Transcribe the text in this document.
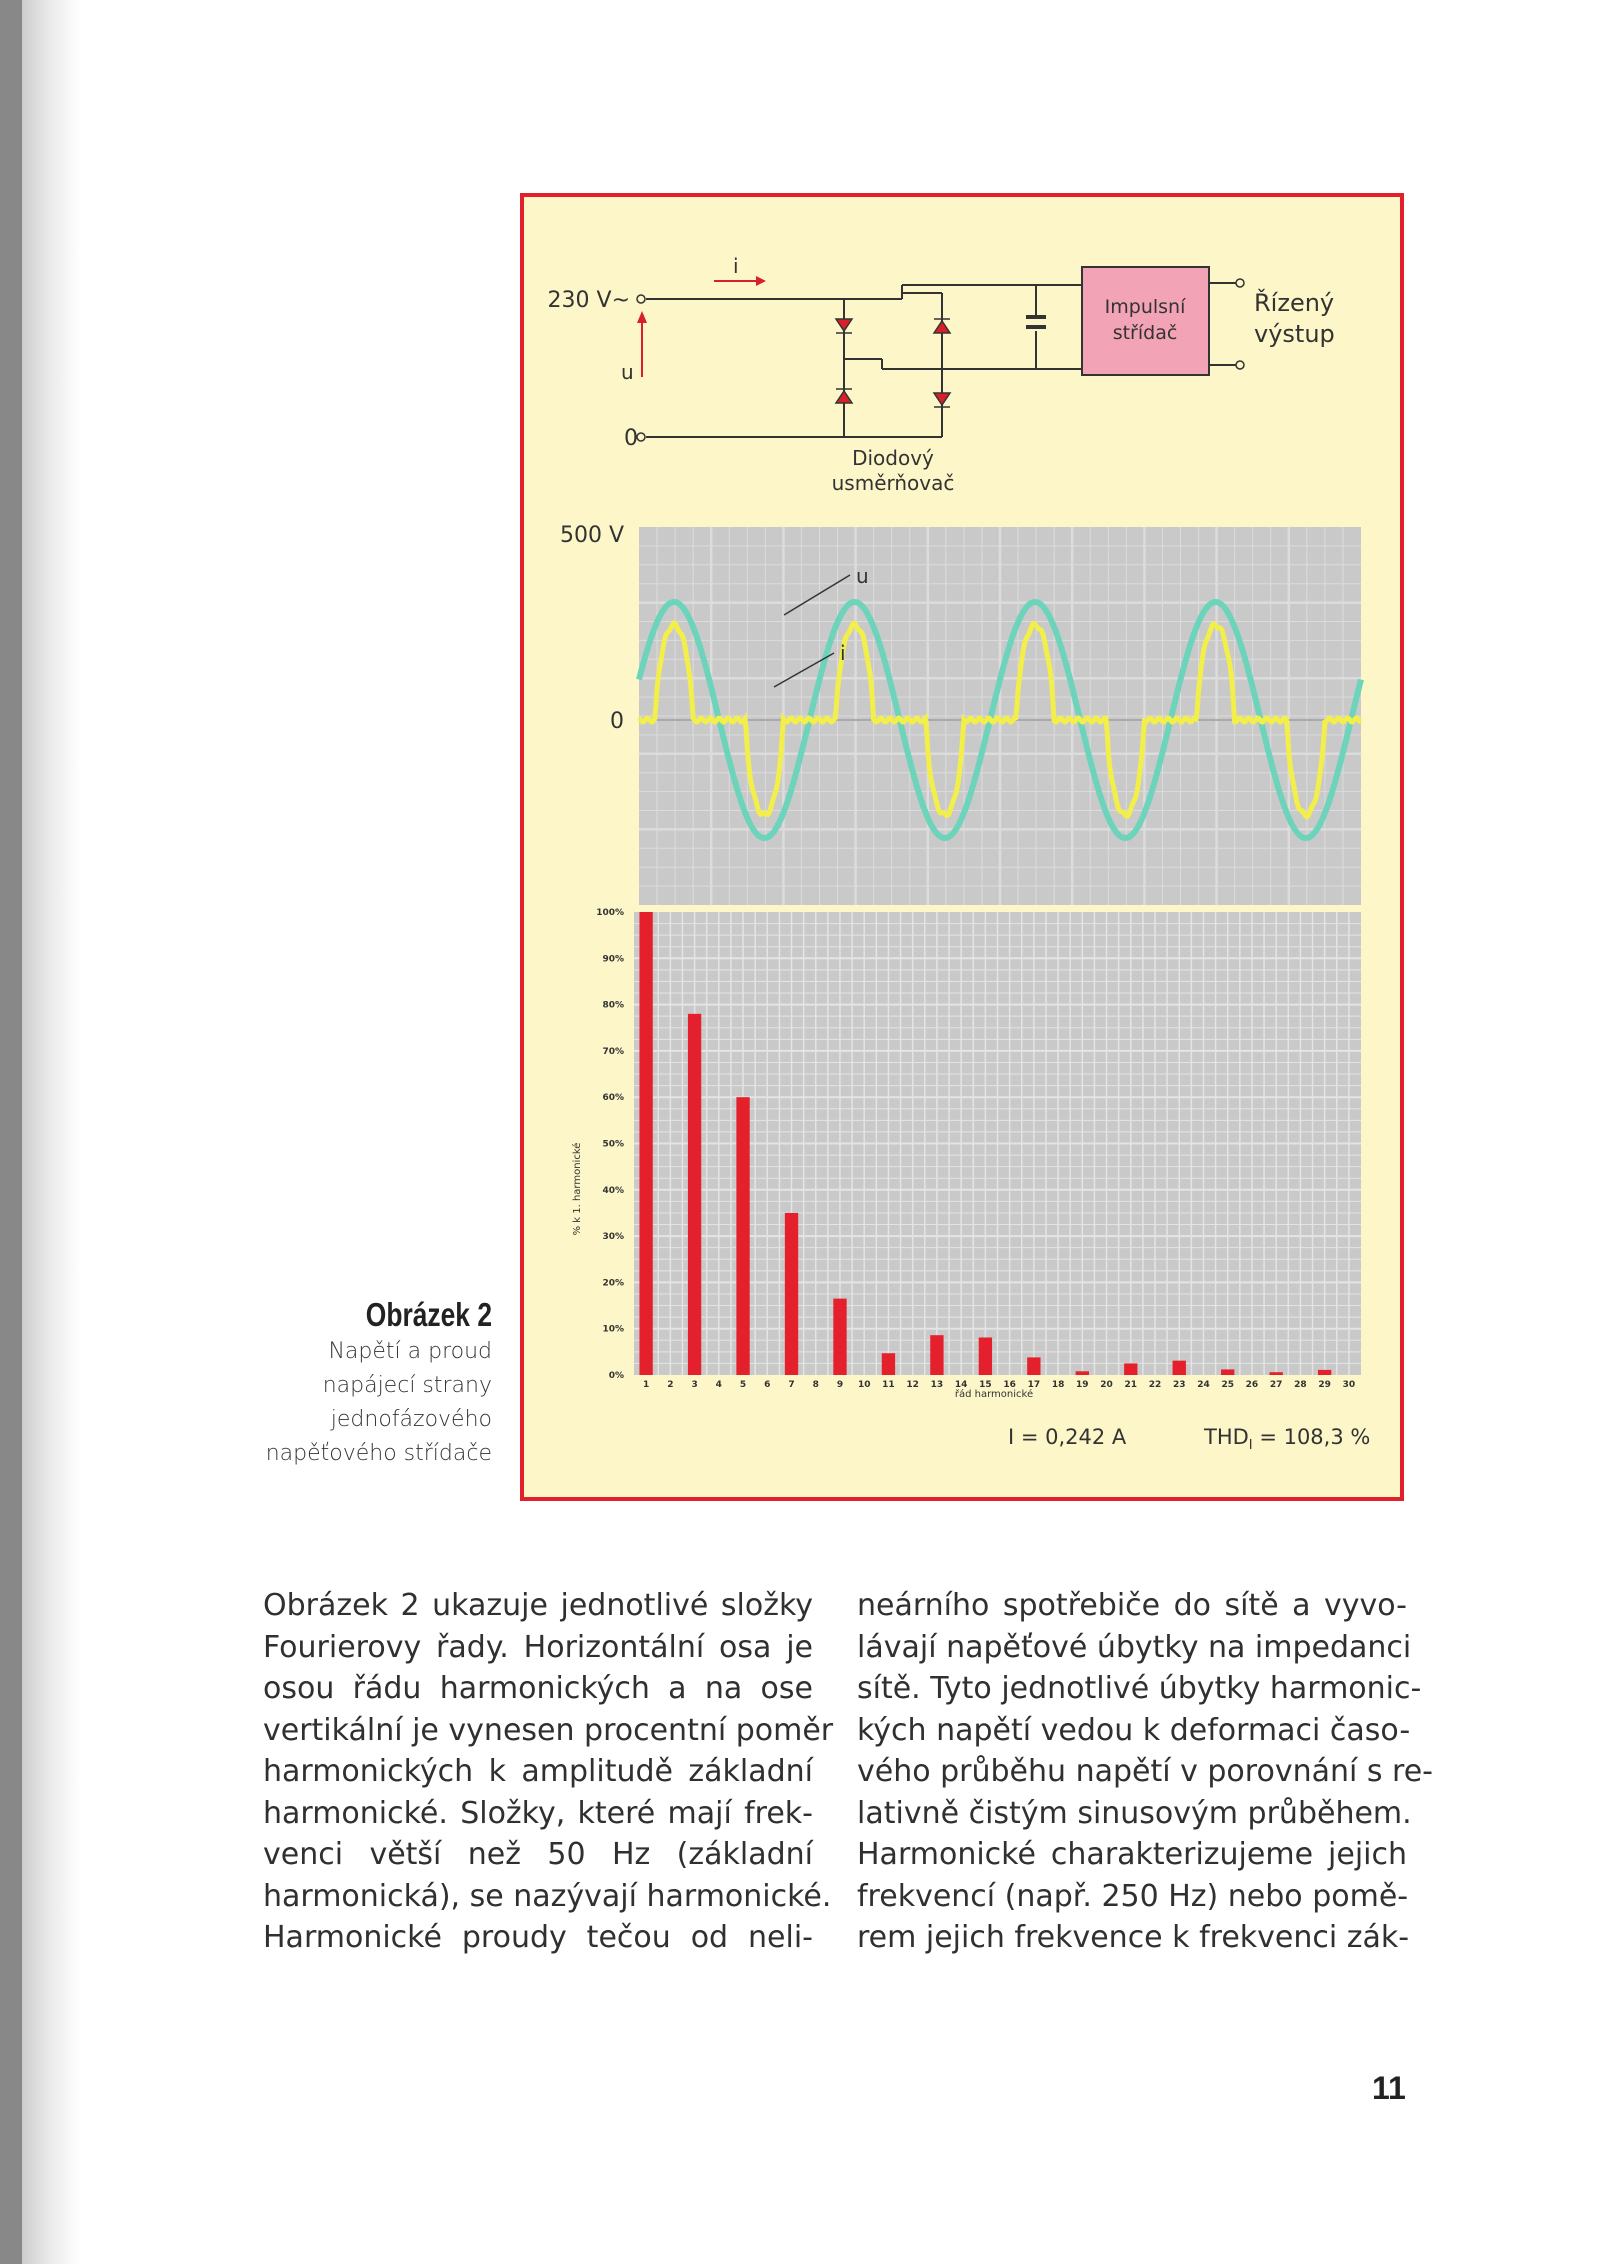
230 V~
i
u
0
Diodový
usměrňovač
Impulsní
střídač
Řízený
výstup
500 V
0
u
i
0%
10%
20%
30%
40%
50%
60%
70%
80%
90%
100%
1 2 3 4 5 6 7 8 9 10 11 12 13 14 15 16 17 18 19 20 21 22 23 24 25 26 27 28 29 30
% k 1. harmonické
řád harmonické
I = 0,242 A	$THD_I = 108,3$ %
Obrázek 2
Napětí a proud
napájecí strany
jednofázového
napěťového střídače
Obrázek 2 ukazuje jednotlivé složky
Fourierovy řady. Horizontální osa je
osou řádu harmonických a na ose
vertikální je vynesen procentní poměr
harmonických k amplitudě základní
harmonické. Složky, které mají frek-
venci větší než 50 Hz (základní
harmonická), se nazývají harmonické.
Harmonické proudy tečou od neli-
neárního spotřebiče do sítě a vyvo-
lávají napěťové úbytky na impedanci
sítě. Tyto jednotlivé úbytky harmonic-
kých napětí vedou k deformaci časo-
vého průběhu napětí v porovnání s re-
lativně čistým sinusovým průběhem.
Harmonické charakterizujeme jejich
frekvencí (např. 250 Hz) nebo pomě-
rem jejich frekvence k frekvenci zák-
11
